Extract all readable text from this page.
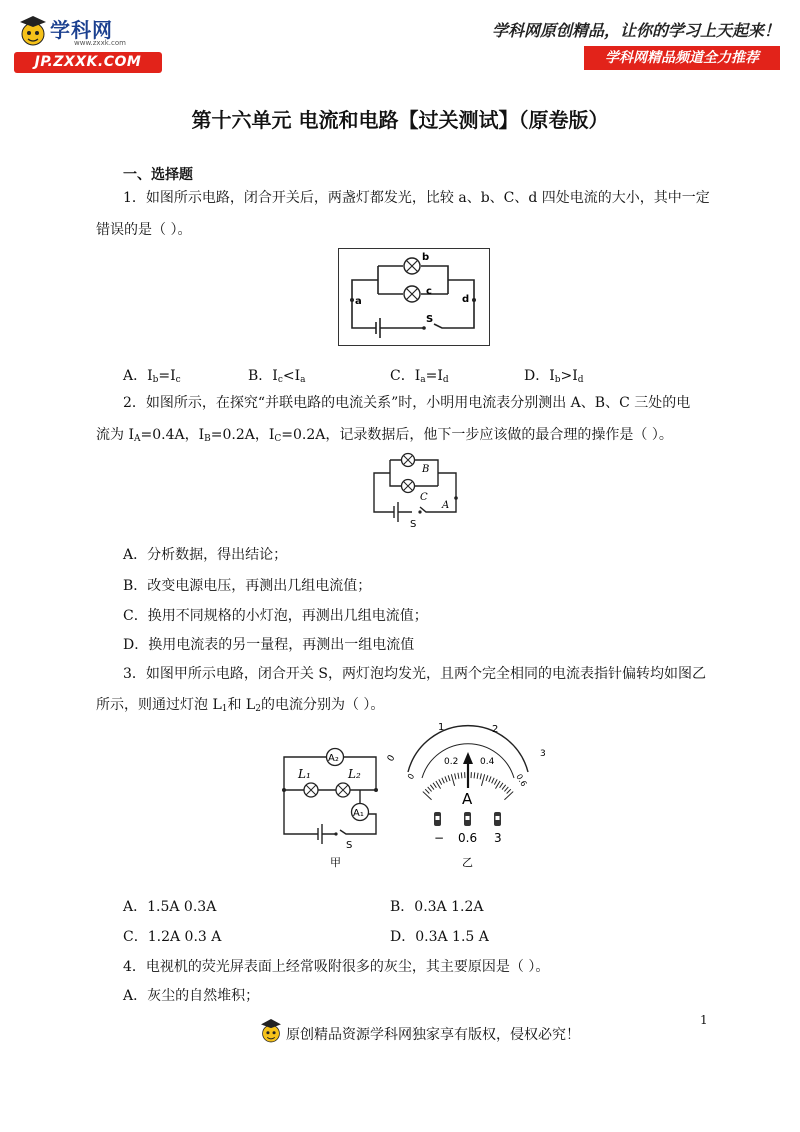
学科网
www.zxxk.com
JP.ZXXK.COM
学科网原创精品，让你的学习上天起来！
学科网精品频道全力推荐
第十六单元 电流和电路【过关测试】（原卷版）
一、选择题
1．如图所示电路，闭合开关后，两盏灯都发光，比较 a、b、C、d 四处电流的大小，其中一定
错误的是（ ）。
a
b
c
d
S
A．$I_b=I_c$	B．$I_c<I_a$	C．$I_a=I_d$	D．$I_b>I_d$
2．如图所示，在探究“并联电路的电流关系”时，小明用电流表分别测出 A、B、C 三处的电
流为 $I_A=0.4A$，$I_B=0.2A$，$I_C=0.2A$，记录数据后，他下一步应该做的最合理的操作是（ ）。
B
C
A
S
A．分析数据，得出结论；
B．改变电源电压，再测出几组电流值；
C．换用不同规格的小灯泡，再测出几组电流值；
D．换用电流表的另一量程，再测出一组电流值
3．如图甲所示电路，闭合开关 S，两灯泡均发光，且两个完全相同的电流表指针偏转均如图乙
所示，则通过灯泡 $L_1$和 $L_2$的电流分别为（ ）。
A₂
A₁
L₁	L₂
S
甲
0
1	2
3
0
0.2 0.4
0.6
A
− 0.6 3
乙
A．1.5A 0.3A	B．0.3A 1.2A
C．1.2A 0.3 A	D．0.3A 1.5 A
4．电视机的荧光屏表面上经常吸附很多的灰尘，其主要原因是（ ）。
A．灰尘的自然堆积；
1
原创精品资源学科网独家享有版权，侵权必究！
